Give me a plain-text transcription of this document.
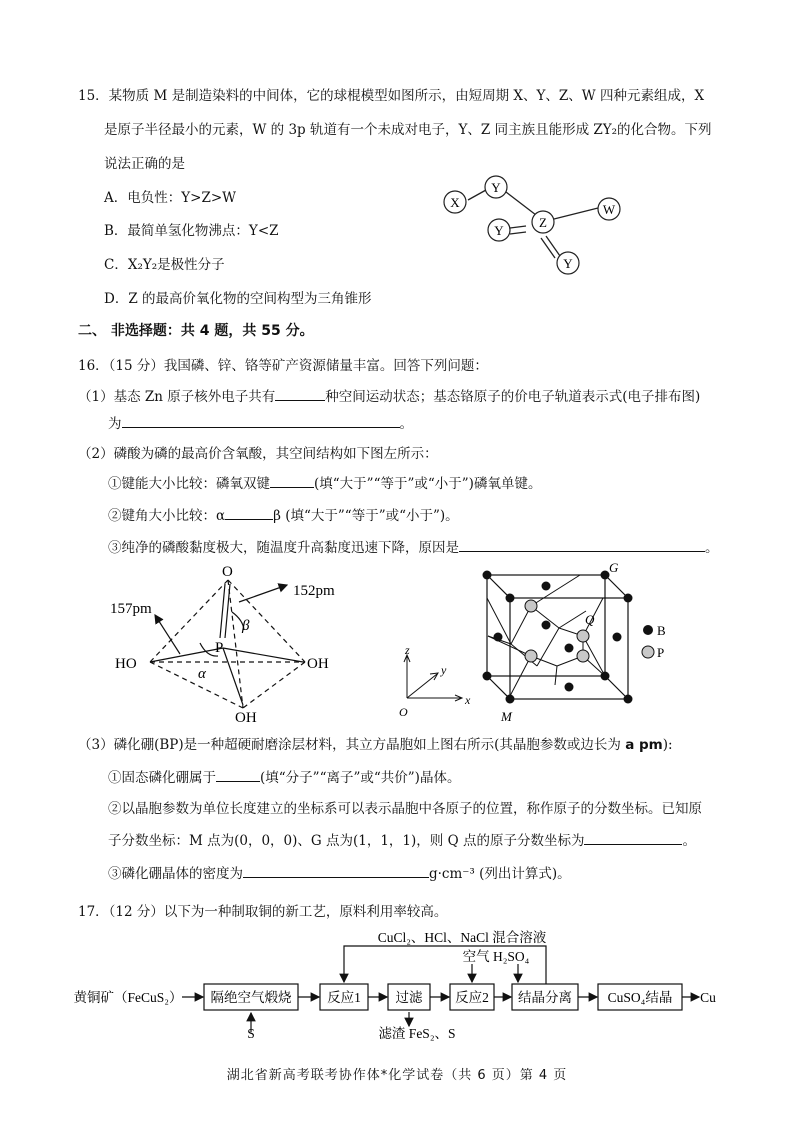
15．某物质 M 是制造染料的中间体，它的球棍模型如图所示，由短周期 X、Y、Z、W 四种元素组成，X
是原子半径最小的元素，W 的 3p 轨道有一个未成对电子，Y、Z 同主族且能形成 ZY₂的化合物。下列
说法正确的是
A．电负性：Y>Z>W
B．最简单氢化物沸点：Y<Z
C．X₂Y₂是极性分子
D．Z 的最高价氧化物的空间构型为三角锥形
X
Y
Z
W
Y
Y
二、 非选择题：共 4 题，共 55 分。
16．（15 分）我国磷、锌、铬等矿产资源储量丰富。回答下列问题：
（1）基态 Zn 原子核外电子共有	种空间运动状态；基态铬原子的价电子轨道表示式(电子排布图)
为	。
（2）磷酸为磷的最高价含氧酸，其空间结构如下图左所示：
①键能大小比较：磷氧双键	(填“大于”“等于”或“小于”)磷氧单键。
②键角大小比较：α	β (填“大于”“等于”或“小于”)。
③纯净的磷酸黏度极大，随温度升高黏度迅速下降，原因是	。
O
152pm
157pm
P
HO	OH
OH
α
β
G
Q
M
z
y
x
O
B
P
（3）磷化硼(BP)是一种超硬耐磨涂层材料，其立方晶胞如上图右所示(其晶胞参数或边长为 a pm):
①固态磷化硼属于	(填“分子”“离子”或“共价”)晶体。
②以晶胞参数为单位长度建立的坐标系可以表示晶胞中各原子的位置，称作原子的分数坐标。已知原
子分数坐标：M 点为(0，0，0)、G 点为(1，1，1)，则 Q 点的原子分数坐标为	。
③磷化硼晶体的密度为	g·cm⁻³ (列出计算式)。
17．（12 分）以下为一种制取铜的新工艺，原料利用率较高。
CuCl₂、HCl、NaCl 混合溶液
空气 H₂SO₄
黄铜矿（FeCuS₂） 隔绝空气煅烧	反应1	过滤 反应2 结晶分离	CuSO₄结晶 Cu
S	滤渣 FeS₂、S
湖北省新高考联考协作体*化学试卷（共 6 页）第 4 页
